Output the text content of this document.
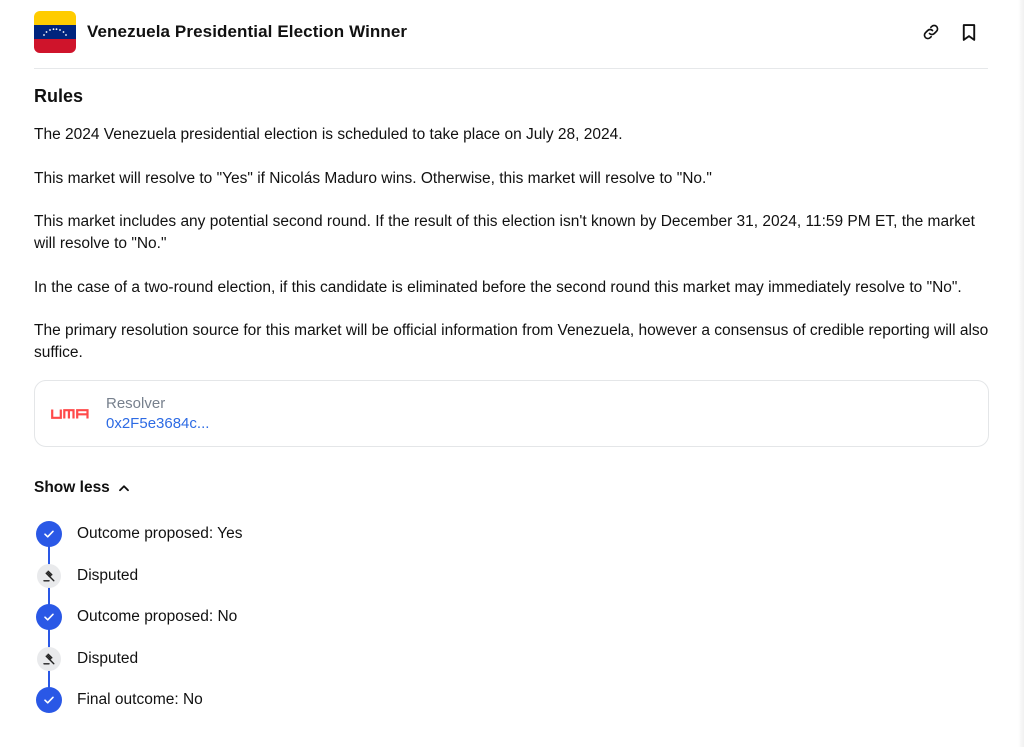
Venezuela Presidential Election Winner
Rules

The 2024 Venezuela presidential election is scheduled to take place on July 28, 2024.

This market will resolve to "Yes" if Nicolás Maduro wins. Otherwise, this market will resolve to "No."

This market includes any potential second round. If the result of this election isn't known by December 31, 2024, 11:59 PM ET, the market will resolve to "No."

In the case of a two-round election, if this candidate is eliminated before the second round this market may immediately resolve to "No".

The primary resolution source for this market will be official information from Venezuela, however a consensus of credible reporting will also suffice.

Resolver
0x2F5e3684c...
Show less
Outcome proposed: Yes
Disputed
Outcome proposed: No
Disputed
Final outcome: No
